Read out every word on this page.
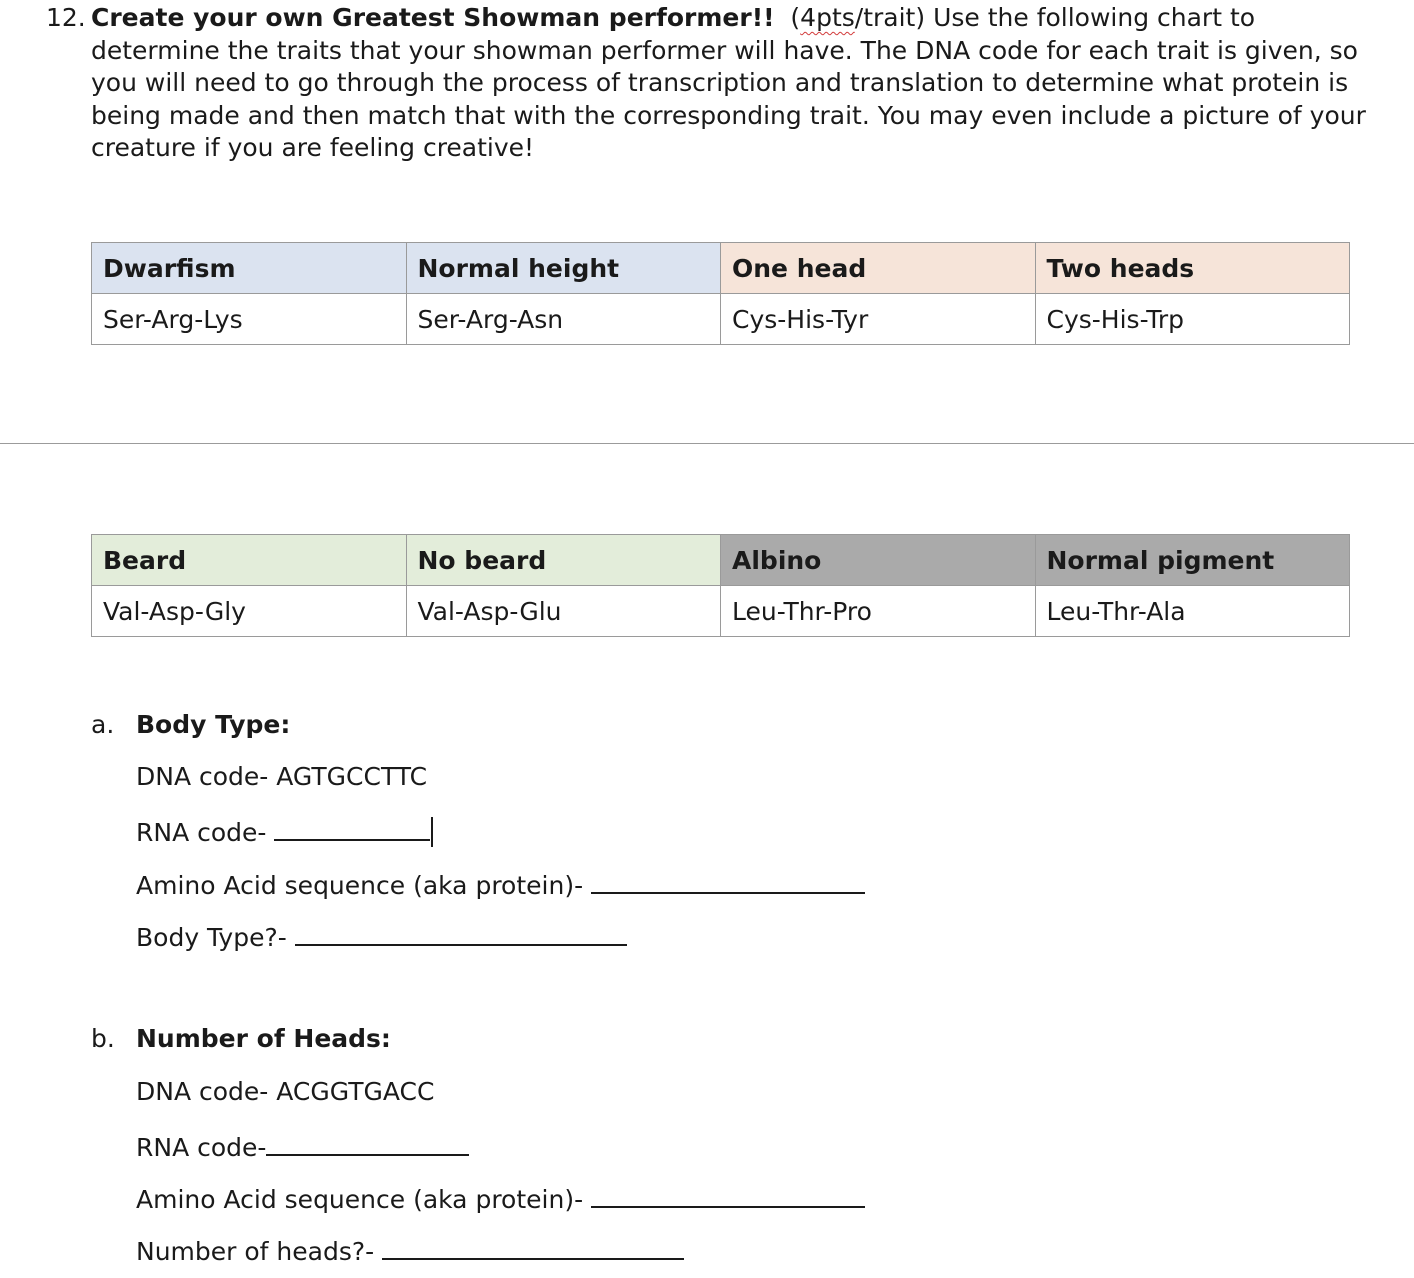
12. Create your own Greatest Showman performer!! (4pts/trait) Use the following chart to determine the traits that your showman performer will have. The DNA code for each trait is given, so you will need to go through the process of transcription and translation to determine what protein is being made and then match that with the corresponding trait. You may even include a picture of your creature if you are feeling creative!
Dwarfism	Normal height	One head	Two heads
Ser-Arg-Lys	Ser-Arg-Asn	Cys-His-Tyr	Cys-His-Trp
Beard	No beard	Albino	Normal pigment
Val-Asp-Gly	Val-Asp-Glu	Leu-Thr-Pro	Leu-Thr-Ala
a. Body Type:
DNA code- AGTGCCTTC
RNA code-
Amino Acid sequence (aka protein)-
Body Type?-
b. Number of Heads:
DNA code- ACGGTGACC
RNA code-
Amino Acid sequence (aka protein)-
Number of heads?-
